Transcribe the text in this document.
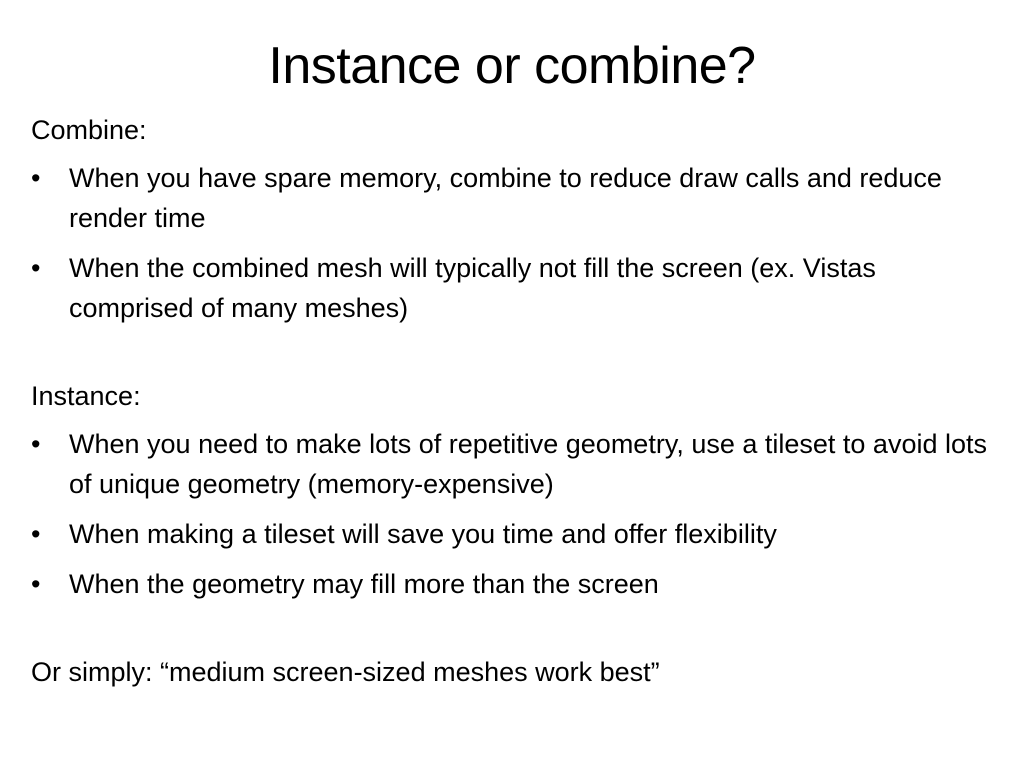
Instance or combine?

Combine:

•	When you have spare memory, combine to reduce draw calls and reduce render time
•	When the combined mesh will typically not fill the screen (ex. Vistas comprised of many meshes)

Instance:

•	When you need to make lots of repetitive geometry, use a tileset to avoid lots of unique geometry (memory-expensive)
•	When making a tileset will save you time and offer flexibility
•	When the geometry may fill more than the screen

Or simply: “medium screen-sized meshes work best”
